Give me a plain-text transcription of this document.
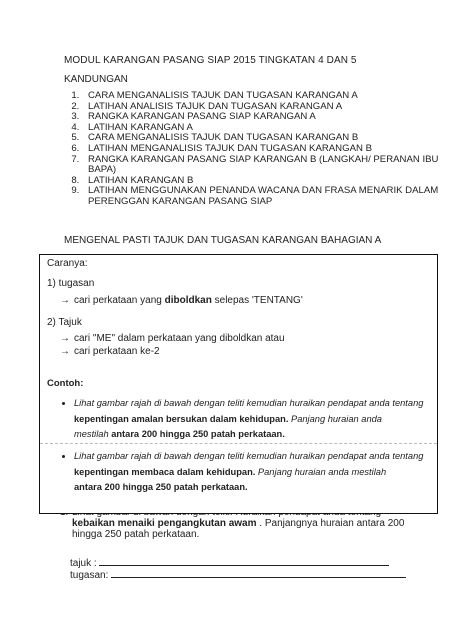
MODUL KARANGAN PASANG SIAP 2015 TINGKATAN 4 DAN 5
KANDUNGAN
1. CARA MENGANALISIS TAJUK DAN TUGASAN KARANGAN A
2. LATIHAN ANALISIS TAJUK DAN TUGASAN KARANGAN A
3. RANGKA KARANGAN PASANG SIAP KARANGAN A
4. LATIHAN KARANGAN A
5. CARA MENGANALISIS TAJUK DAN TUGASAN KARANGAN B
6. LATIHAN MENGANALISIS TAJUK DAN TUGASAN KARANGAN B
7. RANGKA KARANGAN PASANG SIAP KARANGAN B (LANGKAH/ PERANAN IBU BAPA)
8. LATIHAN KARANGAN B
9. LATIHAN MENGGUNAKAN PENANDA WACANA DAN FRASA MENARIK DALAM PERENGGAN KARANGAN PASANG SIAP
MENGENAL PASTI TAJUK DAN TUGASAN KARANGAN BAHAGIAN A
Caranya:
1) tugasan
→ cari perkataan yang diboldkan selepas 'TENTANG'
2) Tajuk
→ cari "ME" dalam perkataan yang diboldkan atau
→ cari perkataan ke-2
Contoh:
• Lihat gambar rajah di bawah dengan teliti kemudian huraikan pendapat anda tentang
kepentingan amalan bersukan dalam kehidupan. Panjang huraian anda
mestilah antara 200 hingga 250 patah perkataan.
• Lihat gambar rajah di bawah dengan teliti kemudian huraikan pendapat anda tentang
kepentingan membaca dalam kehidupan. Panjang huraian anda mestilah
antara 200 hingga 250 patah perkataan.

kebaikan menaiki pengangkutan awam . Panjangnya huraian antara 200 hingga 250 patah perkataan.
tajuk :
tugasan:
